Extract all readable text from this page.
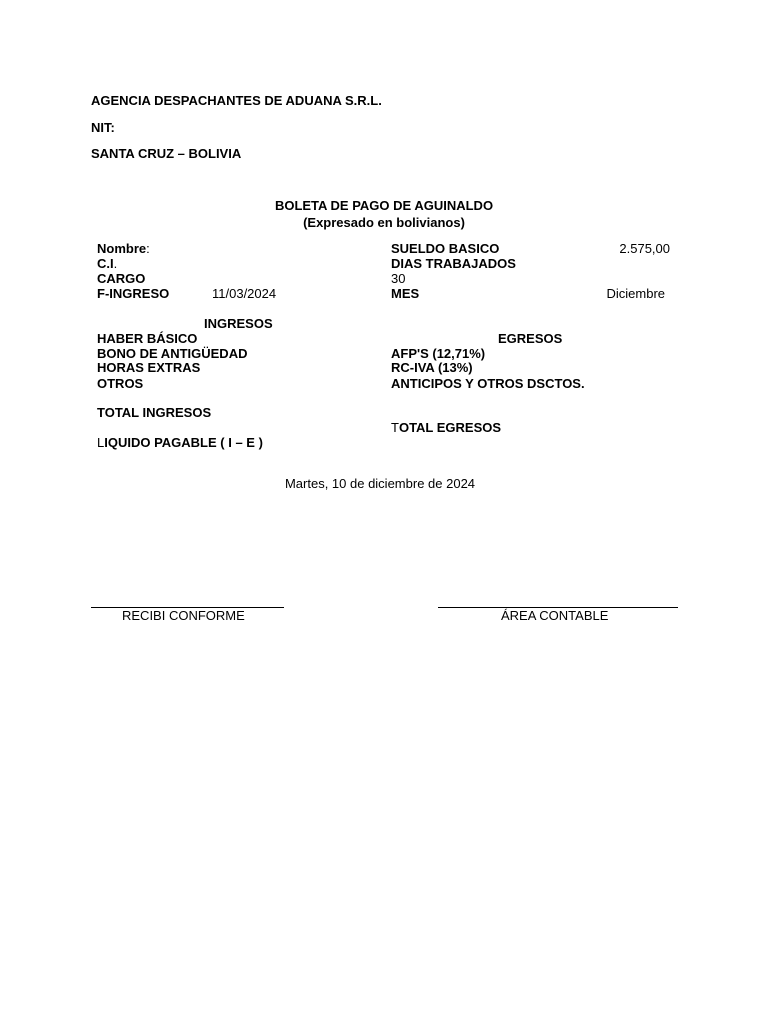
AGENCIA DESPACHANTES DE ADUANA S.R.L.
NIT:
SANTA CRUZ – BOLIVIA
BOLETA DE PAGO DE AGUINALDO
(Expresado en bolivianos)
Nombre:
C.I.
CARGO
F-INGRESO	11/03/2024
SUELDO BASICO	2.575,00
DIAS TRABAJADOS
30
MES	Diciembre
INGRESOS
HABER BÁSICO
BONO DE ANTIGÜEDAD
HORAS EXTRAS
OTROS
TOTAL INGRESOS
EGRESOS
AFP'S (12,71%)
RC-IVA (13%)
ANTICIPOS Y OTROS DSCTOS.
TOTAL EGRESOS
LIQUIDO PAGABLE ( I – E )
Martes, 10 de diciembre de 2024
RECIBI CONFORME	ÁREA CONTABLE
